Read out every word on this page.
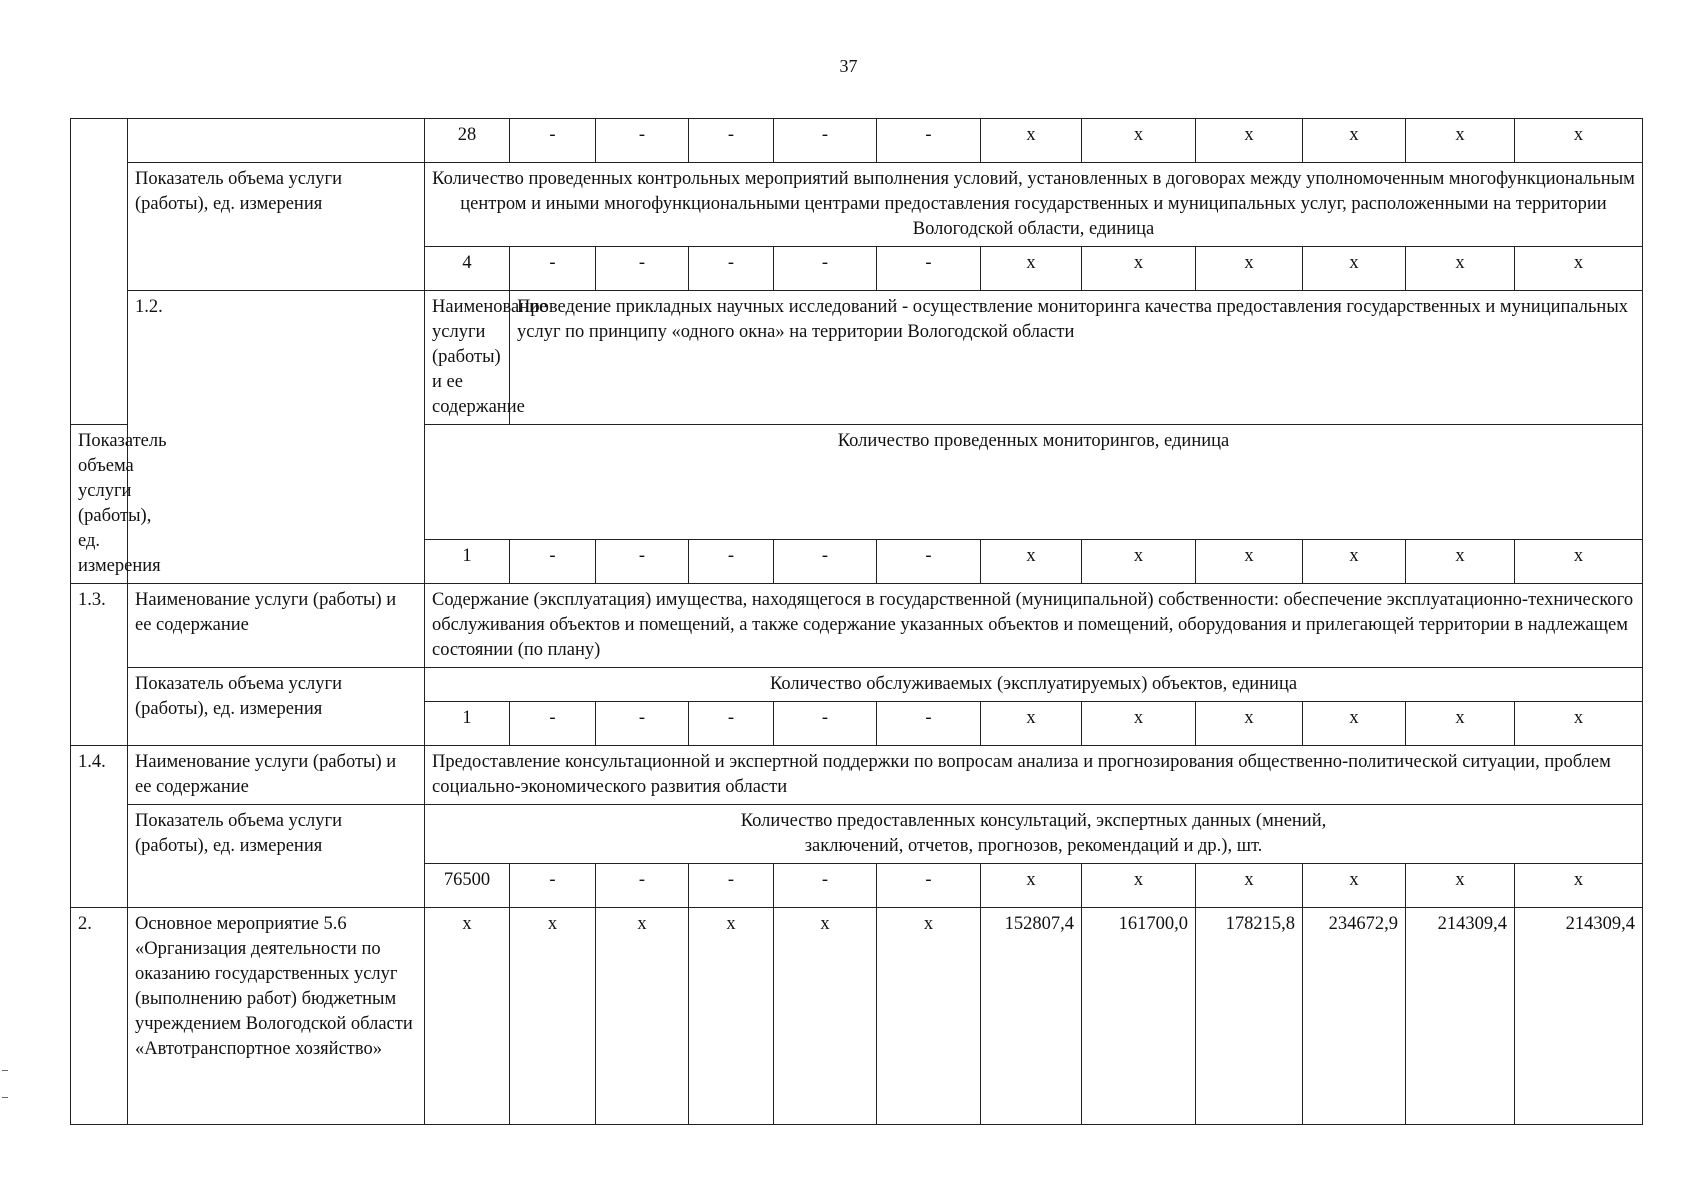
37
		28	-	-	-	-	-	x	x	x	x	x	x
	Показатель объема услуги (работы), ед. измерения	Количество проведенных контрольных мероприятий выполнения условий, установленных в договорах между уполномоченным многофункциональным центром и иными многофункциональными центрами предоставления государственных и муниципальных услуг, расположенными на территории Вологодской области, единица											
		4	-	-	-	-	-	x	x	x	x	x	x
	1.2.	Наименование услуги (работы) и ее содержание	Проведение прикладных научных исследований - осуществление мониторинга качества предоставления государственных и муниципальных услуг по принципу «одного окна» на территории Вологодской области										
Показатель объема услуги (работы), ед. измерения		Количество проведенных мониторингов, единица											
		1	-	-	-	-	-	x	x	x	x	x	x
1.3.	Наименование услуги (работы) и ее содержание	Содержание (эксплуатация) имущества, находящегося в государственной (муниципальной) собственности: обеспечение эксплуатационно-технического обслуживания объектов и помещений, а также содержание указанных объектов и помещений, оборудования и прилегающей территории в надлежащем состоянии (по плану)											
	Показатель объема услуги (работы), ед. измерения	Количество обслуживаемых (эксплуатируемых) объектов, единица											
		1	-	-	-	-	-	x	x	x	x	x	x
1.4.	Наименование услуги (работы) и ее содержание	Предоставление консультационной и экспертной поддержки по вопросам анализа и прогнозирования общественно-политической ситуации, проблем социально-экономического развития области											
	Показатель объема услуги (работы), ед. измерения	Количество предоставленных консультаций, экспертных данных (мнений, заключений, отчетов, прогнозов, рекомендаций и др.), шт.											
		76500	-	-	-	-	-	x	x	x	x	x	x
2.	Основное мероприятие 5.6 «Организация деятельности по оказанию государственных услуг (выполнению работ) бюджетным учреждением Вологодской области «Автотранспортное хозяйство»	x	x	x	x	x	x	152807,4	161700,0	178215,8	234672,9	214309,4	214309,4
